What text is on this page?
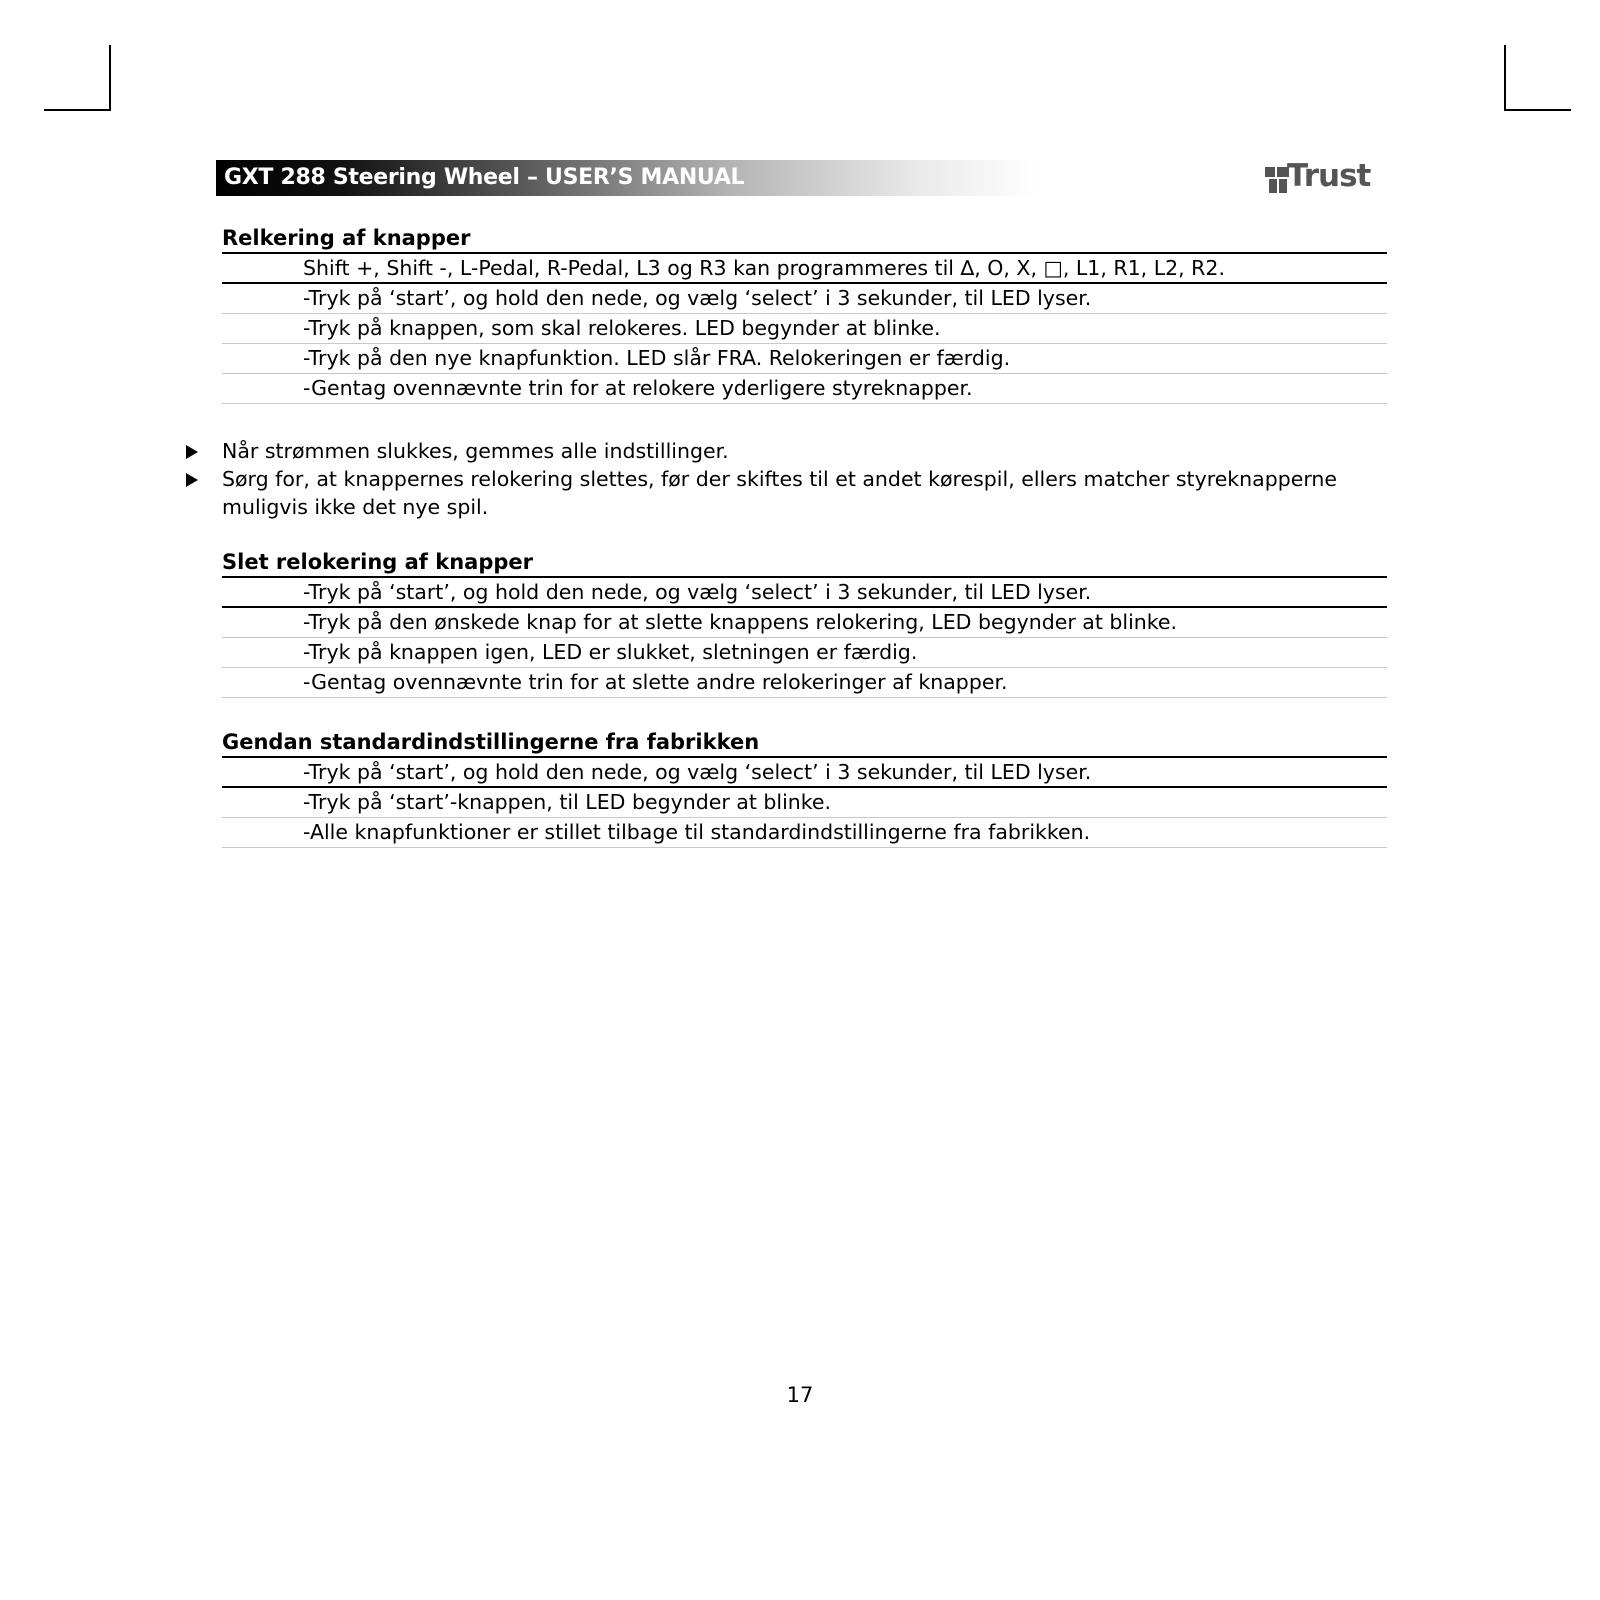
GXT 288 Steering Wheel – USER’S MANUAL	Trust
Relkering af knapper
Shift +, Shift -, L-Pedal, R-Pedal, L3 og R3 kan programmeres til ∆, O, X, □, L1, R1, L2, R2.
-Tryk på ‘start’, og hold den nede, og vælg ‘select’ i 3 sekunder, til LED lyser.
-Tryk på knappen, som skal relokeres. LED begynder at blinke.
-Tryk på den nye knapfunktion. LED slår FRA. Relokeringen er færdig.
-Gentag ovennævnte trin for at relokere yderligere styreknapper.
Når strømmen slukkes, gemmes alle indstillinger.
Sørg for, at knappernes relokering slettes, før der skiftes til et andet kørespil, ellers matcher styreknapperne muligvis ikke det nye spil.
Slet relokering af knapper
-Tryk på ‘start’, og hold den nede, og vælg ‘select’ i 3 sekunder, til LED lyser.
-Tryk på den ønskede knap for at slette knappens relokering, LED begynder at blinke.
-Tryk på knappen igen, LED er slukket, sletningen er færdig.
-Gentag ovennævnte trin for at slette andre relokeringer af knapper.
Gendan standardindstillingerne fra fabrikken
-Tryk på ‘start’, og hold den nede, og vælg ‘select’ i 3 sekunder, til LED lyser.
-Tryk på ‘start’-knappen, til LED begynder at blinke.
-Alle knapfunktioner er stillet tilbage til standardindstillingerne fra fabrikken.
17
